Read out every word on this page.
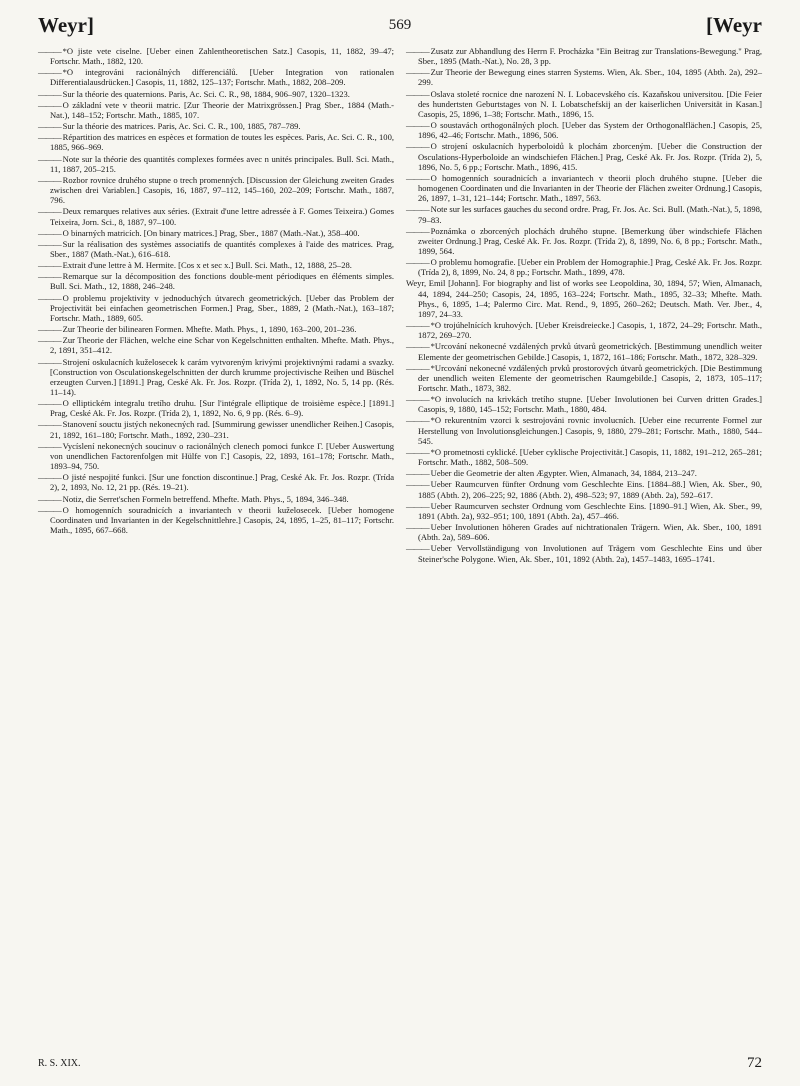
Weyr]	569	[Weyr

——— *O jiste vete ciselne. [Ueber einen Zahlentheoretischen Satz.] Casopis, 11, 1882, 39–47; Fortschr. Math., 1882, 120.

——— *O integrováni racionálných differenciálů. [Ueber Integration von rationalen Differentialausdrücken.] Casopis, 11, 1882, 125–137; Fortschr. Math., 1882, 208–209.

——— Sur la théorie des quaternions. Paris, Ac. Sci. C. R., 98, 1884, 906–907, 1320–1323.

——— O základní vete v theorii matric. [Zur Theorie der Matrixgrössen.] Prag Sber., 1884 (Math.-Nat.), 148–152; Fortschr. Math., 1885, 107.

——— Sur la théorie des matrices. Paris, Ac. Sci. C. R., 100, 1885, 787–789.

——— Répartition des matrices en espèces et formation de toutes les espèces. Paris, Ac. Sci. C. R., 100, 1885, 966–969.

——— Note sur la théorie des quantités complexes formées avec n unités principales. Bull. Sci. Math., 11, 1887, 205–215.

——— Rozbor rovnice druhého stupne o trech promenných. [Discussion der Gleichung zweiten Grades zwischen drei Variablen.] Casopis, 16, 1887, 97–112, 145–160, 202–209; Fortschr. Math., 1887, 796.

——— Deux remarques relatives aux séries. (Extrait d'une lettre adressée à F. Gomes Teixeira.) Gomes Teixeira, Jorn. Sci., 8, 1887, 97–100.

——— O binarných matricích. [On binary matrices.] Prag, Sber., 1887 (Math.-Nat.), 358–400.

——— Sur la réalisation des systèmes associatifs de quantités complexes à l'aide des matrices. Prag, Sber., 1887 (Math.-Nat.), 616–618.

——— Extrait d'une lettre à M. Hermite. [Cos x et sec x.] Bull. Sci. Math., 12, 1888, 25–28.

——— Remarque sur la décomposition des fonctions double-ment périodiques en éléments simples. Bull. Sci. Math., 12, 1888, 246–248.

——— O problemu projektivity v jednoduchých útvarech geometrických. [Ueber das Problem der Projectivität bei einfachen geometrischen Formen.] Prag, Sber., 1889, 2 (Math.-Nat.), 163–187; Fortschr. Math., 1889, 605.

——— Zur Theorie der bilinearen Formen. Mhefte. Math. Phys., 1, 1890, 163–200, 201–236.

——— Zur Theorie der Flächen, welche eine Schar von Kegelschnitten enthalten. Mhefte. Math. Phys., 2, 1891, 351–412.

——— Strojení oskulacních kuželosecek k carám vytvoreným krivými projektivnými radami a svazky. [Construction von Osculationskegelschnitten der durch krumme projectivische Reihen und Büschel erzeugten Curven.] [1891.] Prag, Ceské Ak. Fr. Jos. Rozpr. (Trída 2), 1, 1892, No. 5, 14 pp. (Rés. 11–14).

——— O elliptickém integralu tretího druhu. [Sur l'intégrale elliptique de troisième espèce.] [1891.] Prag, Ceské Ak. Fr. Jos. Rozpr. (Trída 2), 1, 1892, No. 6, 9 pp. (Rés. 6–9).

——— Stanovení souctu jistých nekonecných rad. [Summirung gewisser unendlicher Reihen.] Casopis, 21, 1892, 161–180; Fortschr. Math., 1892, 230–231.

——— Vycíslení nekonecných soucinuv o racionálných clenech pomoci funkce Γ. [Ueber Auswertung von unendlichen Factorenfolgen mit Hülfe von Γ.] Casopis, 22, 1893, 161–178; Fortschr. Math., 1893–94, 750.

——— O jisté nespojité funkci. [Sur une fonction discontinue.] Prag, Ceské Ak. Fr. Jos. Rozpr. (Trída 2), 2, 1893, No. 12, 21 pp. (Rés. 19–21).

——— Notiz, die Serret'schen Formeln betreffend. Mhefte. Math. Phys., 5, 1894, 346–348.

——— O homogenních souradnicích a invariantech v theorii kuželosecek. [Ueber homogene Coordinaten und Invarianten in der Kegelschnittlehre.] Casopis, 24, 1895, 1–25, 81–117; Fortschr. Math., 1895, 667–668.

——— Zusatz zur Abhandlung des Herrn F. Procházka "Ein Beitrag zur Translations-Bewegung." Prag, Sber., 1895 (Math.-Nat.), No. 28, 3 pp.

——— Zur Theorie der Bewegung eines starren Systems. Wien, Ak. Sber., 104, 1895 (Abth. 2a), 292–299.

——— Oslava stoleté rocnice dne narození N. I. Lobacevského cís. Kazaňskou universitou. [Die Feier des hundertsten Geburtstages von N. I. Lobatschefskij an der kaiserlichen Universität in Kasan.] Casopis, 25, 1896, 1–38; Fortschr. Math., 1896, 15.

——— O soustavách orthogonálných ploch. [Ueber das System der Orthogonalflächen.] Casopis, 25, 1896, 42–46; Fortschr. Math., 1896, 506.

——— O strojení oskulacních hyperboloidů k plochám zborceným. [Ueber die Construction der Osculations-Hyperboloide an windschiefen Flächen.] Prag, Ceské Ak. Fr. Jos. Rozpr. (Trída 2), 5, 1896, No. 5, 6 pp.; Fortschr. Math., 1896, 415.

——— O homogenních souradnicích a invariantech v theorii ploch druhého stupne. [Ueber die homogenen Coordinaten und die Invarianten in der Theorie der Flächen zweiter Ordnung.] Casopis, 26, 1897, 1–31, 121–144; Fortschr. Math., 1897, 563.

——— Note sur les surfaces gauches du second ordre. Prag, Fr. Jos. Ac. Sci. Bull. (Math.-Nat.), 5, 1898, 79–83.

——— Poznámka o zborcených plochách druhého stupne. [Bemerkung über windschiefe Flächen zweiter Ordnung.] Prag, Ceské Ak. Fr. Jos. Rozpr. (Trída 2), 8, 1899, No. 6, 8 pp.; Fortschr. Math., 1899, 564.

——— O problemu homografie. [Ueber ein Problem der Homographie.] Prag, Ceské Ak. Fr. Jos. Rozpr. (Trída 2), 8, 1899, No. 24, 8 pp.; Fortschr. Math., 1899, 478.

Weyr, Emil [Johann]. For biography and list of works see Leopoldina, 30, 1894, 57; Wien, Almanach, 44, 1894, 244–250; Casopis, 24, 1895, 163–224; Fortschr. Math., 1895, 32–33; Mhefte. Math. Phys., 6, 1895, 1–4; Palermo Circ. Mat. Rend., 9, 1895, 260–262; Deutsch. Math. Ver. Jber., 4, 1897, 24–33.

——— *O trojúhelnících kruhových. [Ueber Kreisdreiecke.] Casopis, 1, 1872, 24–29; Fortschr. Math., 1872, 269–270.

——— *Urcování nekonecné vzdálených prvků útvarů geometrických. [Bestimmung unendlich weiter Elemente der geometrischen Gebilde.] Casopis, 1, 1872, 161–186; Fortschr. Math., 1872, 328–329.

——— *Urcování nekonecné vzdálených prvků prostorových útvarů geometrických. [Die Bestimmung der unendlich weiten Elemente der geometrischen Raumgebilde.] Casopis, 2, 1873, 105–117; Fortschr. Math., 1873, 382.

——— *O involucích na krivkách tretího stupne. [Ueber Involutionen bei Curven dritten Grades.] Casopis, 9, 1880, 145–152; Fortschr. Math., 1880, 484.

——— *O rekurentním vzorci k sestrojováni rovnic involucních. [Ueber eine recurrente Formel zur Herstellung von Involutionsgleichungen.] Casopis, 9, 1880, 279–281; Fortschr. Math., 1880, 544–545.

——— *O prometnosti cyklické. [Ueber cyklische Projectivität.] Casopis, 11, 1882, 191–212, 265–281; Fortschr. Math., 1882, 508–509.

——— Ueber die Geometrie der alten Ægypter. Wien, Almanach, 34, 1884, 213–247.

——— Ueber Raumcurven fünfter Ordnung vom Geschlechte Eins. [1884–88.] Wien, Ak. Sber., 90, 1885 (Abth. 2), 206–225; 92, 1886 (Abth. 2), 498–523; 97, 1889 (Abth. 2a), 592–617.

——— Ueber Raumcurven sechster Ordnung vom Geschlechte Eins. [1890–91.] Wien, Ak. Sber., 99, 1891 (Abth. 2a), 932–951; 100, 1891 (Abth. 2a), 457–466.

——— Ueber Involutionen höheren Grades auf nichtrationalen Trägern. Wien, Ak. Sber., 100, 1891 (Abth. 2a), 589–606.

——— Ueber Vervollständigung von Involutionen auf Trägern vom Geschlechte Eins und über Steiner'sche Polygone. Wien, Ak. Sber., 101, 1892 (Abth. 2a), 1457–1483, 1695–1741.

R. S. XIX.	72
